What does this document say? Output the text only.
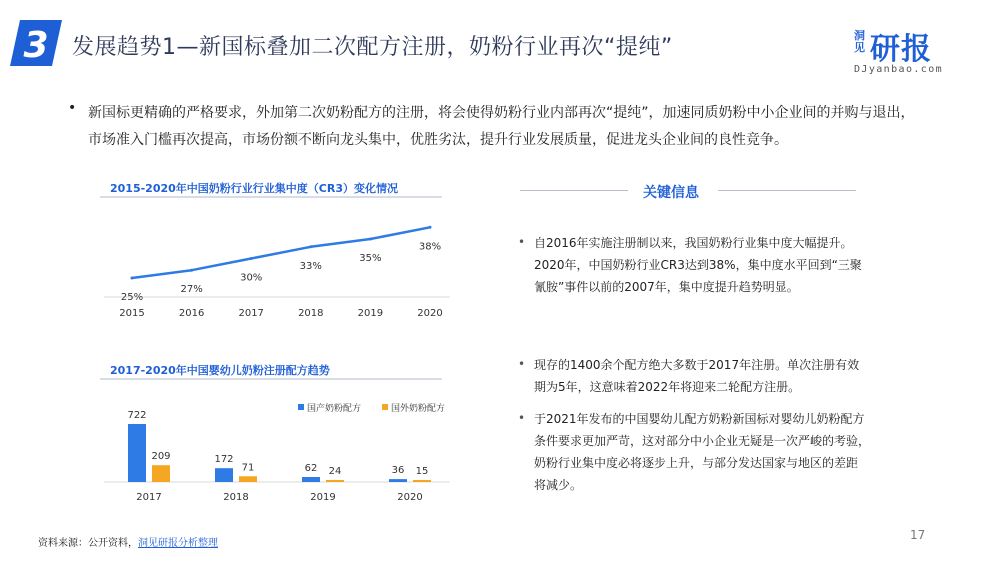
3 发展趋势1—新国标叠加二次配方注册，奶粉行业再次“提纯”	洞见 研报
DJyanbao.com
• 新国标更精确的严格要求，外加第二次奶粉配方的注册，将会使得奶粉行业内部再次“提纯”，加速同质奶粉中小企业间的并购与退出，市场准入门槛再次提高，市场份额不断向龙头集中，优胜劣汰，提升行业发展质量，促进龙头企业间的良性竞争。
2015-2020年中国奶粉行业行业集中度（CR3）变化情况
25%
2015
27%
2016
30%
2017
33%
2018
35%
2019
38%
2020
2017-2020年中国婴幼儿奶粉注册配方趋势
722
209
2017
172
71
2018
62 24
2019
36 15
2020
国产奶粉配方	国外奶粉配方
关键信息
• 自2016年实施注册制以来，我国奶粉行业集中度大幅提升。
2020年，中国奶粉行业CR3达到38%，集中度水平回到“三聚
氰胺”事件以前的2007年，集中度提升趋势明显。
• 现存的1400余个配方绝大多数于2017年注册。单次注册有效
期为5年，这意味着2022年将迎来二轮配方注册。
• 于2021年发布的中国婴幼儿配方奶粉新国标对婴幼儿奶粉配方
条件要求更加严苛，这对部分中小企业无疑是一次严峻的考验，
奶粉行业集中度必将逐步上升，与部分发达国家与地区的差距
将减少。
资料来源：公开资料，洞见研报分析整理
17
